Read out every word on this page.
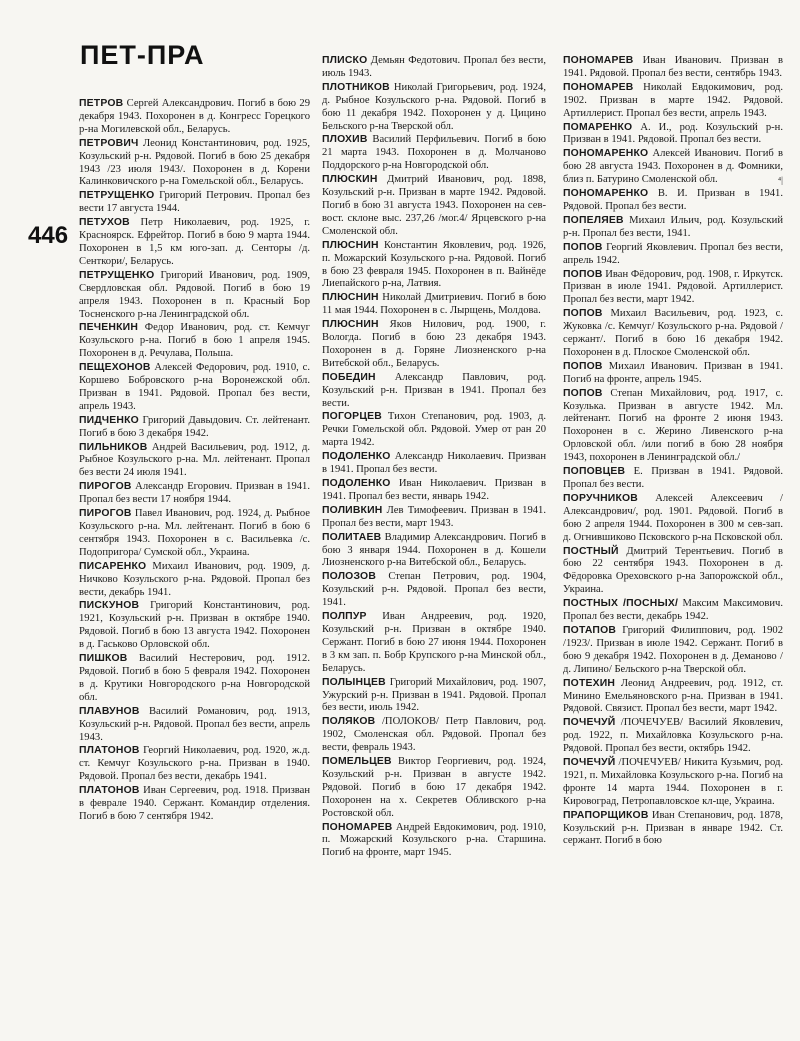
ПЕТ-ПРА
446
⁴|

ПЕТРОВ Сергей Александрович. Погиб в бою 29 декабря 1943. Похоронен в д. Конгресс Горецкого р-на Могилевской обл., Беларусь.

ПЕТРОВИЧ Леонид Константинович, род. 1925, Козульский р-н. Рядовой. Погиб в бою 25 декабря 1943 /23 июля 1943/. Похоронен в д. Корени Калинковичского р-на Гомельской обл., Беларусь.

ПЕТРУЩЕНКО Григорий Петрович. Пропал без вести 17 августа 1944.

ПЕТУХОВ Петр Николаевич, род. 1925, г. Красноярск. Ефрейтор. Погиб в бою 9 марта 1944. Похоронен в 1,5 км юго-зап. д. Сенторы /д. Сенткори/, Беларусь.

ПЕТРУЩЕНКО Григорий Иванович, род. 1909, Свердловская обл. Рядовой. Погиб в бою 19 апреля 1943. Похоронен в п. Красный Бор Тосненского р-на Ленинградской обл.

ПЕЧЕНКИН Федор Иванович, род. ст. Кемчуг Козульского р-на. Погиб в бою 1 апреля 1945. Похоронен в д. Речулава, Польша.

ПЕЩЕХОНОВ Алексей Федорович, род. 1910, с. Коршево Бобровского р-на Воронежской обл. Призван в 1941. Рядовой. Пропал без вести, апрель 1943.

ПИДЧЕНКО Григорий Давыдович. Ст. лейтенант. Погиб в бою 3 декабря 1942.

ПИЛЬНИКОВ Андрей Васильевич, род. 1912, д. Рыбное Козульского р-на. Мл. лейтенант. Пропал без вести 24 июля 1941.

ПИРОГОВ Александр Егорович. Призван в 1941. Пропал без вести 17 ноября 1944.

ПИРОГОВ Павел Иванович, род. 1924, д. Рыбное Козульского р-на. Мл. лейтенант. Погиб в бою 6 сентября 1943. Похоронен в с. Васильевка /с. Подопригора/ Сумской обл., Украина.

ПИСАРЕНКО Михаил Иванович, род. 1909, д. Ничково Козульского р-на. Рядовой. Пропал без вести, декабрь 1941.

ПИСКУНОВ Григорий Константинович, род. 1921, Козульский р-н. Призван в октябре 1940. Рядовой. Погиб в бою 13 августа 1942. Похоронен в д. Гаськово Орловской обл.

ПИШКОВ Василий Нестерович, род. 1912. Рядовой. Погиб в бою 5 февраля 1942. Похоронен в д. Крутики Новгородского р-на Новгородской обл.

ПЛАВУНОВ Василий Романович, род. 1913, Козульский р-н. Рядовой. Пропал без вести, апрель 1943.

ПЛАТОНОВ Георгий Николаевич, род. 1920, ж.д. ст. Кемчуг Козульского р-на. Призван в 1940. Рядовой. Пропал без вести, декабрь 1941.

ПЛАТОНОВ Иван Сергеевич, род. 1918. Призван в феврале 1940. Сержант. Командир отделения. Погиб в бою 7 сентября 1942.

ПЛИСКО Демьян Федотович. Пропал без вести, июль 1943.

ПЛОТНИКОВ Николай Григорьевич, род. 1924, д. Рыбное Козульского р-на. Рядовой. Погиб в бою 11 декабря 1942. Похоронен у д. Цицино Бельского р-на Тверской обл.

ПЛОХИВ Василий Перфильевич. Погиб в бою 21 марта 1943. Похоронен в д. Молчаново Поддорского р-на Новгородской обл.

ПЛЮСКИН Дмитрий Иванович, род. 1898, Козульский р-н. Призван в марте 1942. Рядовой. Погиб в бою 31 августа 1943. Похоронен на сев-вост. склоне выс. 237,26 /мог.4/ Ярцевского р-на Смоленской обл.

ПЛЮСНИН Константин Яковлевич, род. 1926, п. Можарский Козульского р-на. Рядовой. Погиб в бою 23 февраля 1945. Похоронен в п. Вайнёде Лиепайского р-на, Латвия.

ПЛЮСНИН Николай Дмитриевич. Погиб в бою 11 мая 1944. Похоронен в с. Лырщень, Молдова.

ПЛЮСНИН Яков Нилович, род. 1900, г. Вологда. Погиб в бою 23 декабря 1943. Похоронен в д. Горяне Лиозненского р-на Витебской обл., Беларусь.

ПОБЕДИН Александр Павлович, род. Козульский р-н. Призван в 1941. Пропал без вести.

ПОГОРЦЕВ Тихон Степанович, род. 1903, д. Речки Гомельской обл. Рядовой. Умер от ран 20 марта 1942.

ПОДОЛЕНКО Александр Николаевич. Призван в 1941. Пропал без вести.

ПОДОЛЕНКО Иван Николаевич. Призван в 1941. Пропал без вести, январь 1942.

ПОЛИВКИН Лев Тимофеевич. Призван в 1941. Пропал без вести, март 1943.

ПОЛИТАЕВ Владимир Александрович. Погиб в бою 3 января 1944. Похоронен в д. Кошели Лиозненского р-на Витебской обл., Беларусь.

ПОЛОЗОВ Степан Петрович, род. 1904, Козульский р-н. Рядовой. Пропал без вести, 1941.

ПОЛПУР Иван Андреевич, род. 1920, Козульский р-н. Призван в октябре 1940. Сержант. Погиб в бою 27 июня 1944. Похоронен в 3 км зап. п. Бобр Крупского р-на Минской обл., Беларусь.

ПОЛЫНЦЕВ Григорий Михайлович, род. 1907, Ужурский р-н. Призван в 1941. Рядовой. Пропал без вести, июль 1942.

ПОЛЯКОВ /ПОЛОКОВ/ Петр Павлович, род. 1902, Смоленская обл. Рядовой. Пропал без вести, февраль 1943.

ПОМЕЛЬЦЕВ Виктор Георгиевич, род. 1924, Козульский р-н. Призван в августе 1942. Рядовой. Погиб в бою 17 декабря 1942. Похоронен на х. Секретев Обливского р-на Ростовской обл.

ПОНОМАРЕВ Андрей Евдокимович, род. 1910, п. Можарский Козульского р-на. Старшина. Погиб на фронте, март 1945.

ПОНОМАРЕВ Иван Иванович. Призван в 1941. Рядовой. Пропал без вести, сентябрь 1943.

ПОНОМАРЕВ Николай Евдокимович, род. 1902. Призван в марте 1942. Рядовой. Артиллерист. Пропал без вести, апрель 1943.

ПОМАРЕНКО А. И., род. Козульский р-н. Призван в 1941. Рядовой. Пропал без вести.

ПОНОМАРЕНКО Алексей Иванович. Погиб в бою 28 августа 1943. Похоронен в д. Фомники, близ п. Батурино Смоленской обл.

ПОНОМАРЕНКО В. И. Призван в 1941. Рядовой. Пропал без вести.

ПОПЕЛЯЕВ Михаил Ильич, род. Козульский р-н. Пропал без вести, 1941.

ПОПОВ Георгий Яковлевич. Пропал без вести, апрель 1942.

ПОПОВ Иван Фёдорович, род. 1908, г. Иркутск. Призван в июле 1941. Рядовой. Артиллерист. Пропал без вести, март 1942.

ПОПОВ Михаил Васильевич, род. 1923, с. Жуковка /с. Кемчуг/ Козульского р-на. Рядовой /сержант/. Погиб в бою 16 декабря 1942. Похоронен в д. Плоское Смоленской обл.

ПОПОВ Михаил Иванович. Призван в 1941. Погиб на фронте, апрель 1945.

ПОПОВ Степан Михайлович, род. 1917, с. Козулька. Призван в августе 1942. Мл. лейтенант. Погиб на фронте 2 июня 1943. Похоронен в с. Жерино Ливенского р-на Орловской обл. /или погиб в бою 28 ноября 1943, похоронен в Ленинградской обл./

ПОПОВЦЕВ Е. Призван в 1941. Рядовой. Пропал без вести.

ПОРУЧНИКОВ Алексей Алексеевич /Александрович/, род. 1901. Рядовой. Погиб в бою 2 апреля 1944. Похоронен в 300 м сев-зап. д. Огнившиково Псковского р-на Псковской обл.

ПОСТНЫЙ Дмитрий Терентьевич. Погиб в бою 22 сентября 1943. Похоронен в д. Фёдоровка Ореховского р-на Запорожской обл., Украина.

ПОСТНЫХ /ПОСНЫХ/ Максим Максимович. Пропал без вести, декабрь 1942.

ПОТАПОВ Григорий Филиппович, род. 1902 /1923/. Призван в июле 1942. Сержант. Погиб в бою 9 декабря 1942. Похоронен в д. Деманово /д. Липино/ Бельского р-на Тверской обл.

ПОТЕХИН Леонид Андреевич, род. 1912, ст. Минино Емельяновского р-на. Призван в 1941. Рядовой. Связист. Пропал без вести, март 1942.

ПОЧЕЧУЙ /ПОЧЕЧУЕВ/ Василий Яковлевич, род. 1922, п. Михайловка Козульского р-на. Рядовой. Пропал без вести, октябрь 1942.

ПОЧЕЧУЙ /ПОЧЕЧУЕВ/ Никита Кузьмич, род. 1921, п. Михайловка Козульского р-на. Погиб на фронте 14 марта 1944. Похоронен в г. Кировоград, Петропавловское кл-ще, Украина.

ПРАПОРЩИКОВ Иван Степанович, род. 1878, Козульский р-н. Призван в январе 1942. Ст. сержант. Погиб в бою
